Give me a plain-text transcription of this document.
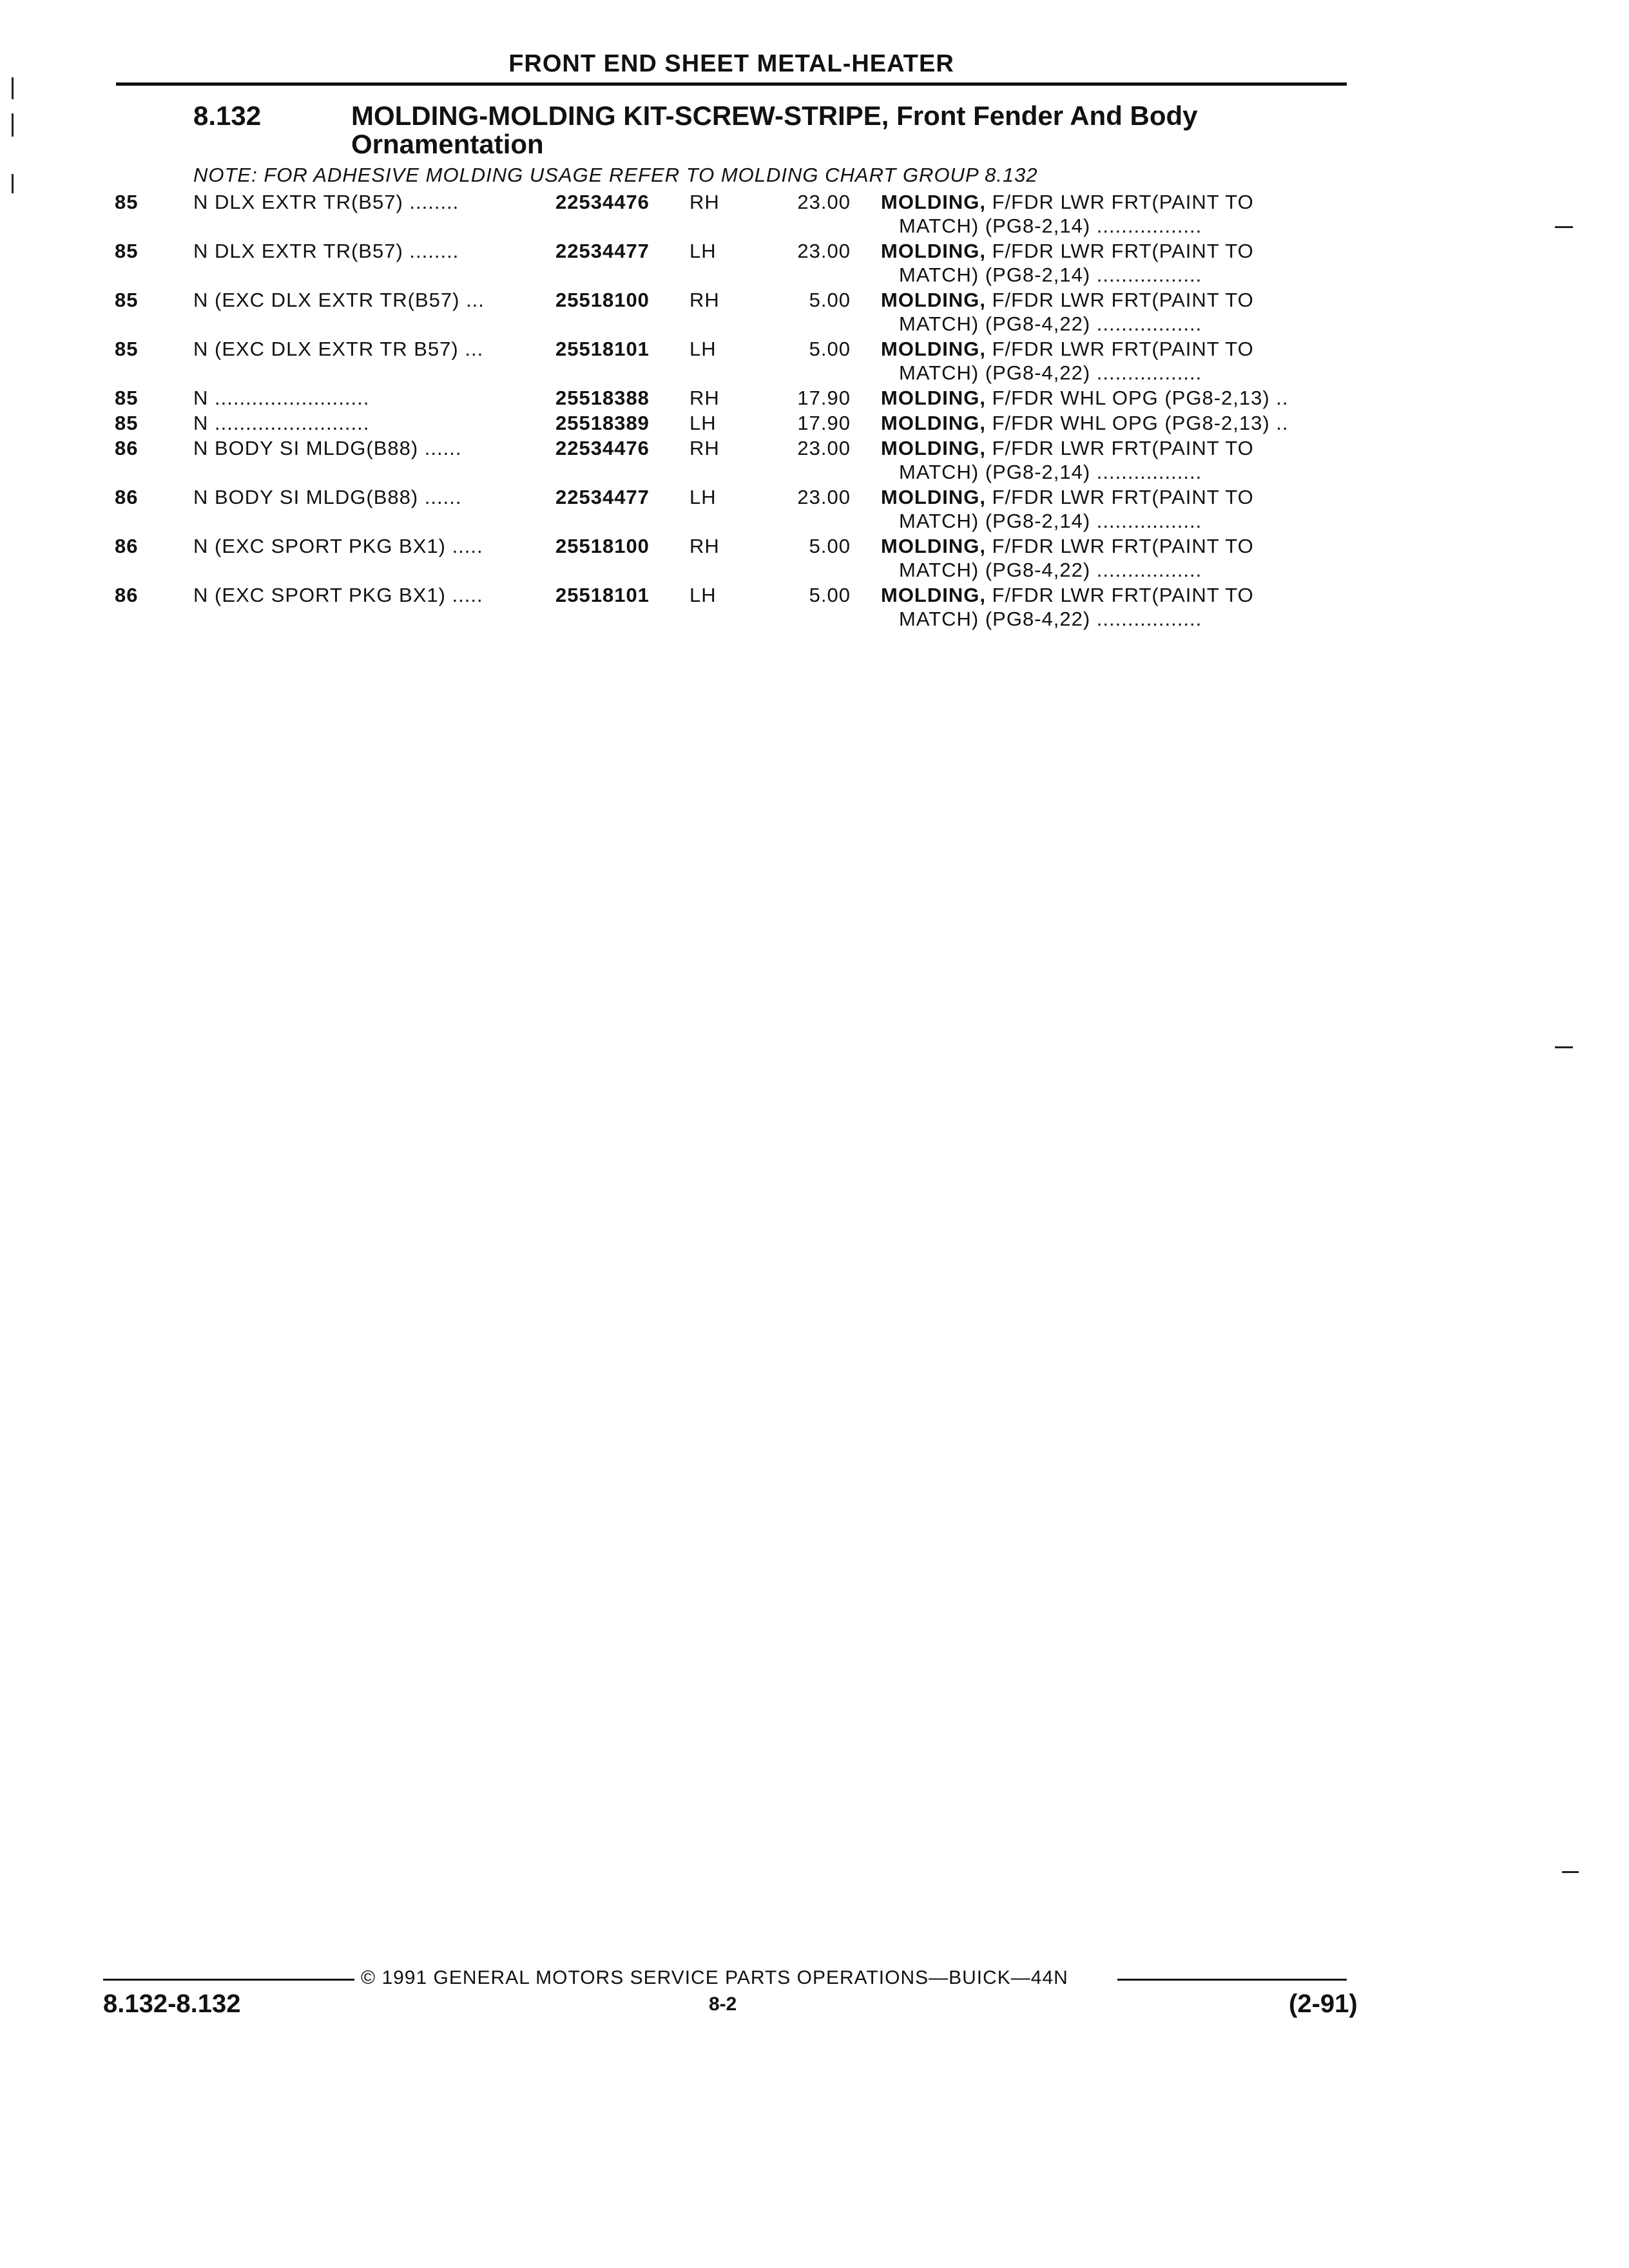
FRONT END SHEET METAL-HEATER
8.132	MOLDING-MOLDING KIT-SCREW-STRIPE, Front Fender And Body
Ornamentation
NOTE: FOR ADHESIVE MOLDING USAGE REFER TO MOLDING CHART GROUP 8.132
85	N DLX EXTR TR(B57) ........	22534476 RH	23.00 MOLDING, F/FDR LWR FRT(PAINT TO
MATCH) (PG8-2,14) .................
85	N DLX EXTR TR(B57) ........	22534477 LH	23.00 MOLDING, F/FDR LWR FRT(PAINT TO
MATCH) (PG8-2,14) .................
85	N (EXC DLX EXTR TR(B57) ...	25518100 RH	5.00 MOLDING, F/FDR LWR FRT(PAINT TO
MATCH) (PG8-4,22) .................
85	N (EXC DLX EXTR TR B57) ...	25518101 LH	5.00 MOLDING, F/FDR LWR FRT(PAINT TO
MATCH) (PG8-4,22) .................
85	N .........................	25518388 RH	17.90 MOLDING, F/FDR WHL OPG (PG8-2,13) ..
85	N .........................	25518389 LH	17.90 MOLDING, F/FDR WHL OPG (PG8-2,13) ..
86	N BODY SI MLDG(B88) ......	22534476 RH	23.00 MOLDING, F/FDR LWR FRT(PAINT TO
MATCH) (PG8-2,14) .................
86	N BODY SI MLDG(B88) ......	22534477 LH	23.00 MOLDING, F/FDR LWR FRT(PAINT TO
MATCH) (PG8-2,14) .................
86	N (EXC SPORT PKG BX1) .....	25518100 RH	5.00 MOLDING, F/FDR LWR FRT(PAINT TO
MATCH) (PG8-4,22) .................
86	N (EXC SPORT PKG BX1) .....	25518101 LH	5.00 MOLDING, F/FDR LWR FRT(PAINT TO
MATCH) (PG8-4,22) .................
© 1991 GENERAL MOTORS SERVICE PARTS OPERATIONS—BUICK—44N
8.132-8.132	8-2	(2-91)
